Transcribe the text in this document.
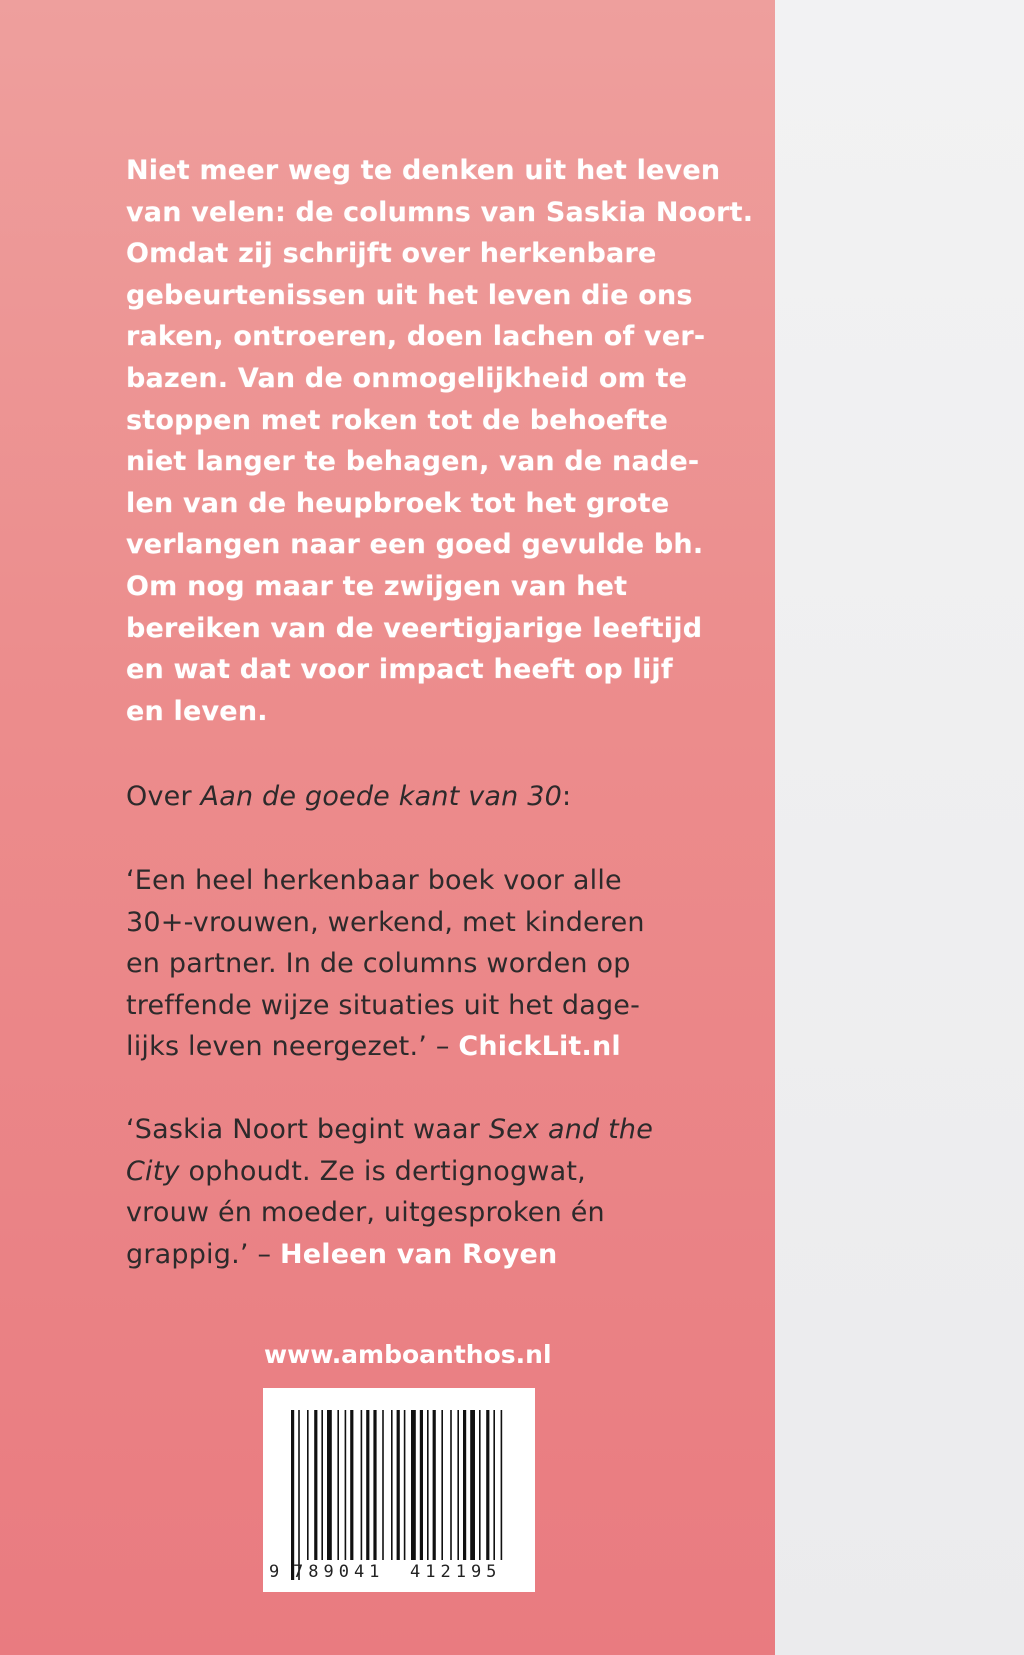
Niet meer weg te denken uit het leven
van velen: de columns van Saskia Noort.
Omdat zij schrijft over herkenbare
gebeurtenissen uit het leven die ons
raken, ontroeren, doen lachen of ver-
bazen. Van de onmogelijkheid om te
stoppen met roken tot de behoefte
niet langer te behagen, van de nade-
len van de heupbroek tot het grote
verlangen naar een goed gevulde bh.
Om nog maar te zwijgen van het
bereiken van de veertigjarige leeftijd
en wat dat voor impact heeft op lijf
en leven.
Over Aan de goede kant van 30:
‘Een heel herkenbaar boek voor alle
30+-vrouwen, werkend, met kinderen
en partner. In de columns worden op
treffende wijze situaties uit het dage-
lijks leven neergezet.’ – ChickLit.nl
‘Saskia Noort begint waar Sex and the
City ophoudt. Ze is dertignogwat,
vrouw én moeder, uitgesproken én
grappig.’ – Heleen van Royen
www.amboanthos.nl
9 789041 412195
